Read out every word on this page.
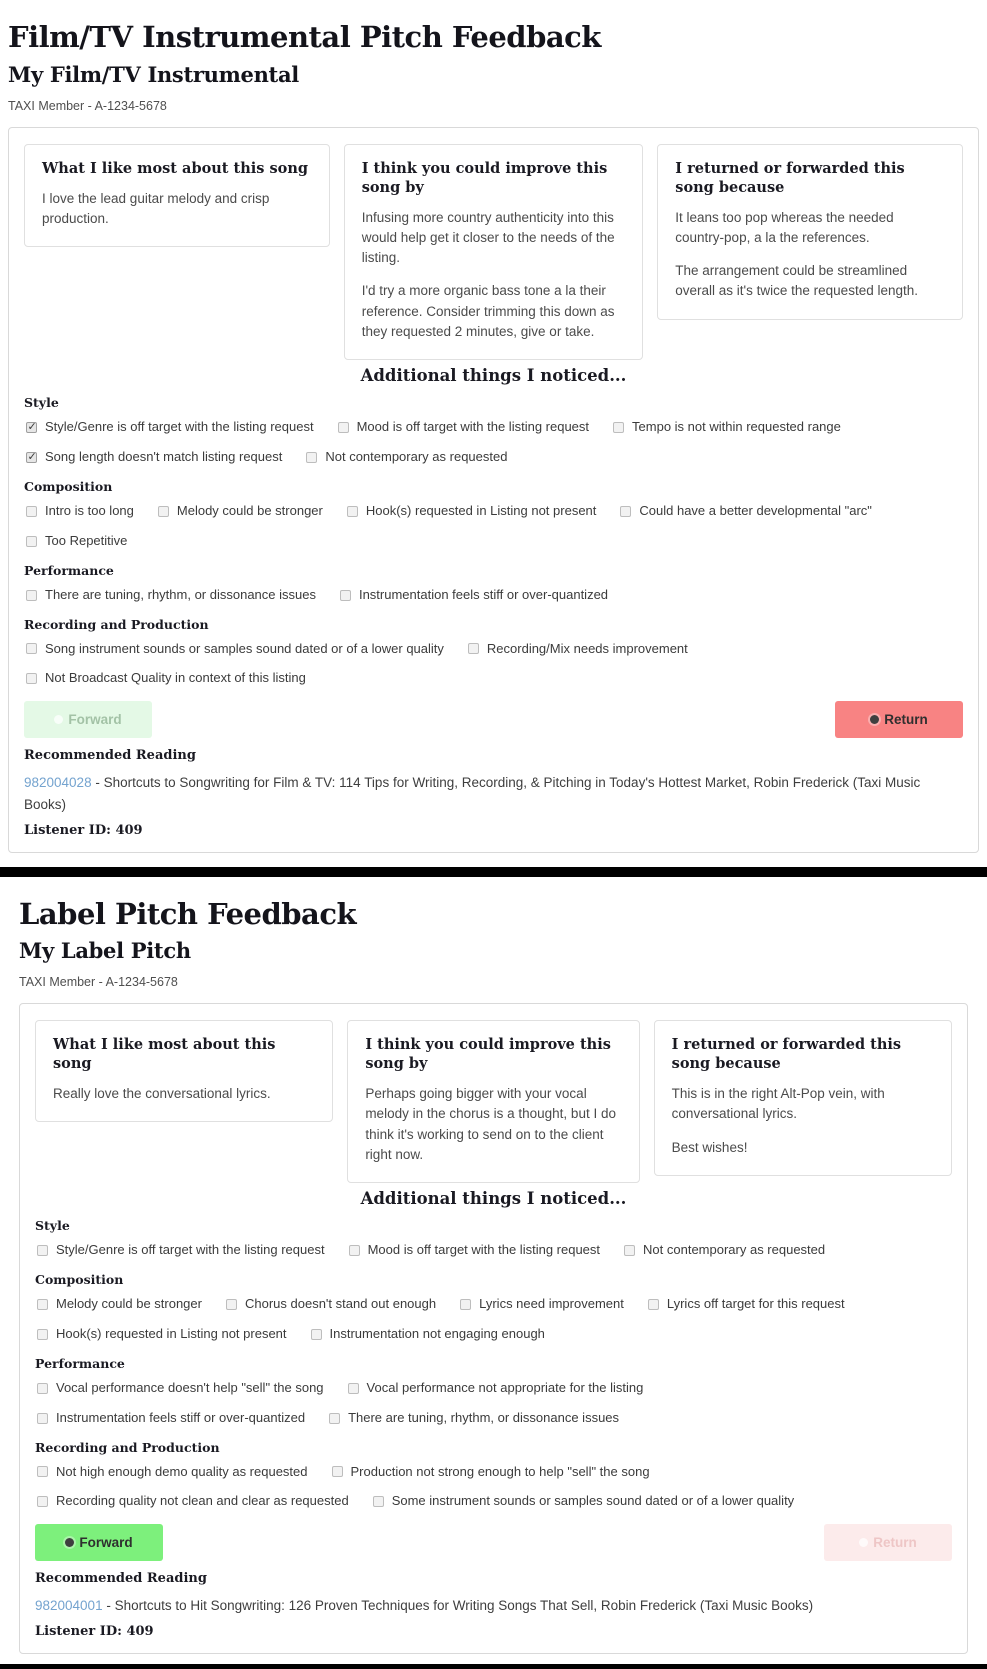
Film/TV Instrumental Pitch Feedback
My Film/TV Instrumental
TAXI Member - A-1234-5678
What I like most about this song

I love the lead guitar melody and crisp production.

I think you could improve this song by

Infusing more country authenticity into this would help get it closer to the needs of the listing.

I'd try a more organic bass tone a la their reference. Consider trimming this down as they requested 2 minutes, give or take.

I returned or forwarded this song because

It leans too pop whereas the needed country-pop, a la the references.

The arrangement could be streamlined overall as it's twice the requested length.

Additional things I noticed...
Style
✓
Style/Genre is off target with the listing request	Mood is off target with the listing request	Tempo is not within requested range
✓
Song length doesn't match listing request	Not contemporary as requested
Composition
Intro is too long	Melody could be stronger	Hook(s) requested in Listing not present	Could have a better developmental "arc"
Too Repetitive
Performance
There are tuning, rhythm, or dissonance issues	Instrumentation feels stiff or over-quantized
Recording and Production
Song instrument sounds or samples sound dated or of a lower quality	Recording/Mix needs improvement
Not Broadcast Quality in context of this listing
Forward	Return
Recommended Reading

982004028 - Shortcuts to Songwriting for Film & TV: 114 Tips for Writing, Recording, & Pitching in Today's Hottest Market, Robin Frederick (Taxi Music Books)

Listener ID: 409
Label Pitch Feedback
My Label Pitch
TAXI Member - A-1234-5678
What I like most about this song

Really love the conversational lyrics.

I think you could improve this song by

Perhaps going bigger with your vocal melody in the chorus is a thought, but I do think it's working to send on to the client right now.

I returned or forwarded this song because

This is in the right Alt-Pop vein, with conversational lyrics.

Best wishes!

Additional things I noticed...
Style
Style/Genre is off target with the listing request	Mood is off target with the listing request	Not contemporary as requested
Composition
Melody could be stronger	Chorus doesn't stand out enough	Lyrics need improvement	Lyrics off target for this request
Hook(s) requested in Listing not present	Instrumentation not engaging enough
Performance
Vocal performance doesn't help "sell" the song	Vocal performance not appropriate for the listing
Instrumentation feels stiff or over-quantized	There are tuning, rhythm, or dissonance issues
Recording and Production
Not high enough demo quality as requested	Production not strong enough to help "sell" the song
Recording quality not clean and clear as requested	Some instrument sounds or samples sound dated or of a lower quality
Forward	Return
Recommended Reading

982004001 - Shortcuts to Hit Songwriting: 126 Proven Techniques for Writing Songs That Sell, Robin Frederick (Taxi Music Books)

Listener ID: 409
